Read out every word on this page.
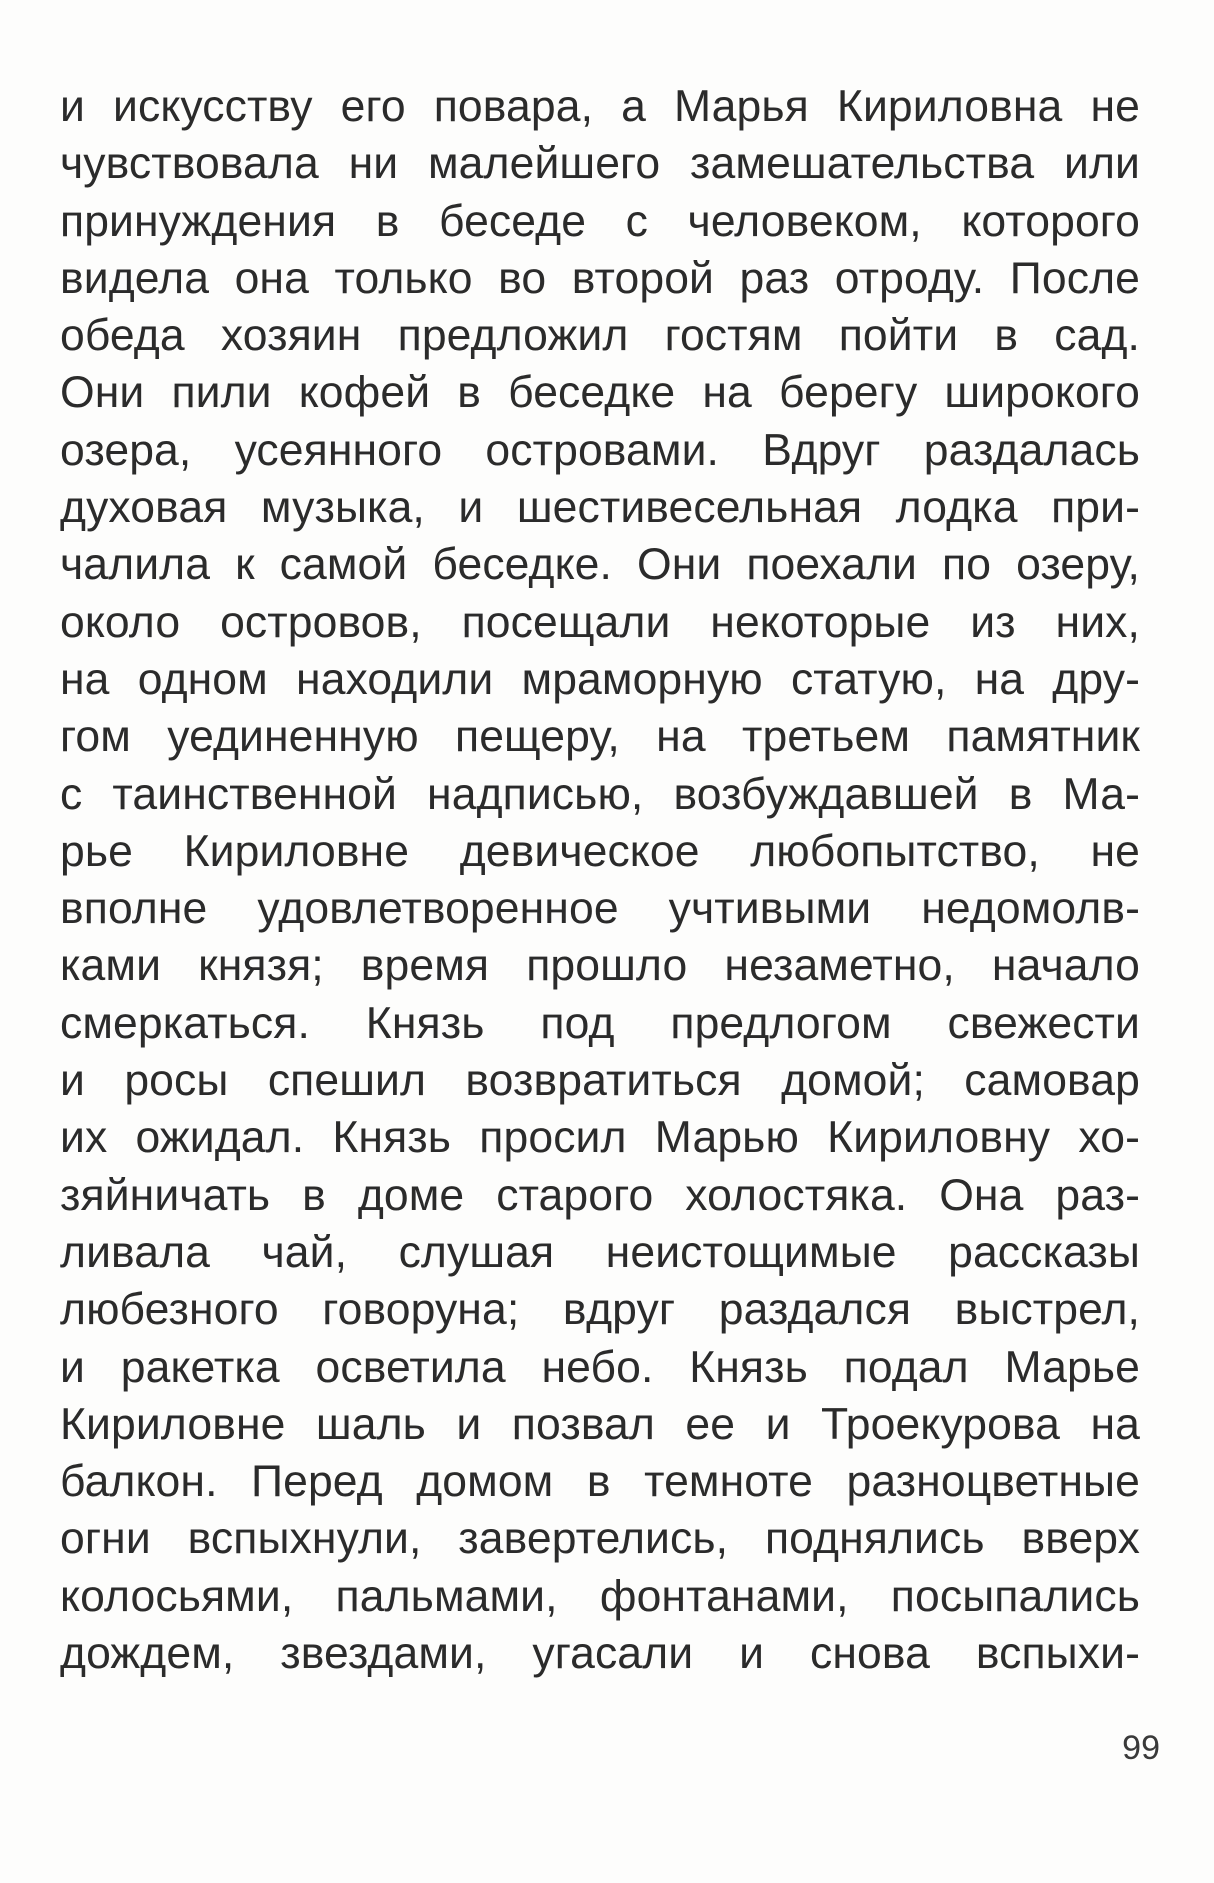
и искусству его повара, а Марья Кириловна не
чувствовала ни малейшего замешательства или
принуждения в беседе с человеком, которого
видела она только во второй раз отроду. После
обеда хозяин предложил гостям пойти в сад.
Они пили кофей в беседке на берегу широкого
озера, усеянного островами. Вдруг раздалась
духовая музыка, и шестивесельная лодка при-
чалила к самой беседке. Они поехали по озеру,
около островов, посещали некоторые из них,
на одном находили мраморную статую, на дру-
гом уединенную пещеру, на третьем памятник
с таинственной надписью, возбуждавшей в Ма-
рье Кириловне девическое любопытство, не
вполне удовлетворенное учтивыми недомолв-
ками князя; время прошло незаметно, начало
смеркаться. Князь под предлогом свежести
и росы спешил возвратиться домой; самовар
их ожидал. Князь просил Марью Кириловну хо-
зяйничать в доме старого холостяка. Она раз-
ливала чай, слушая неистощимые рассказы
любезного говоруна; вдруг раздался выстрел,
и ракетка осветила небо. Князь подал Марье
Кириловне шаль и позвал ее и Троекурова на
балкон. Перед домом в темноте разноцветные
огни вспыхнули, завертелись, поднялись вверх
колосьями, пальмами, фонтанами, посыпались
дождем, звездами, угасали и снова вспыхи-
99
